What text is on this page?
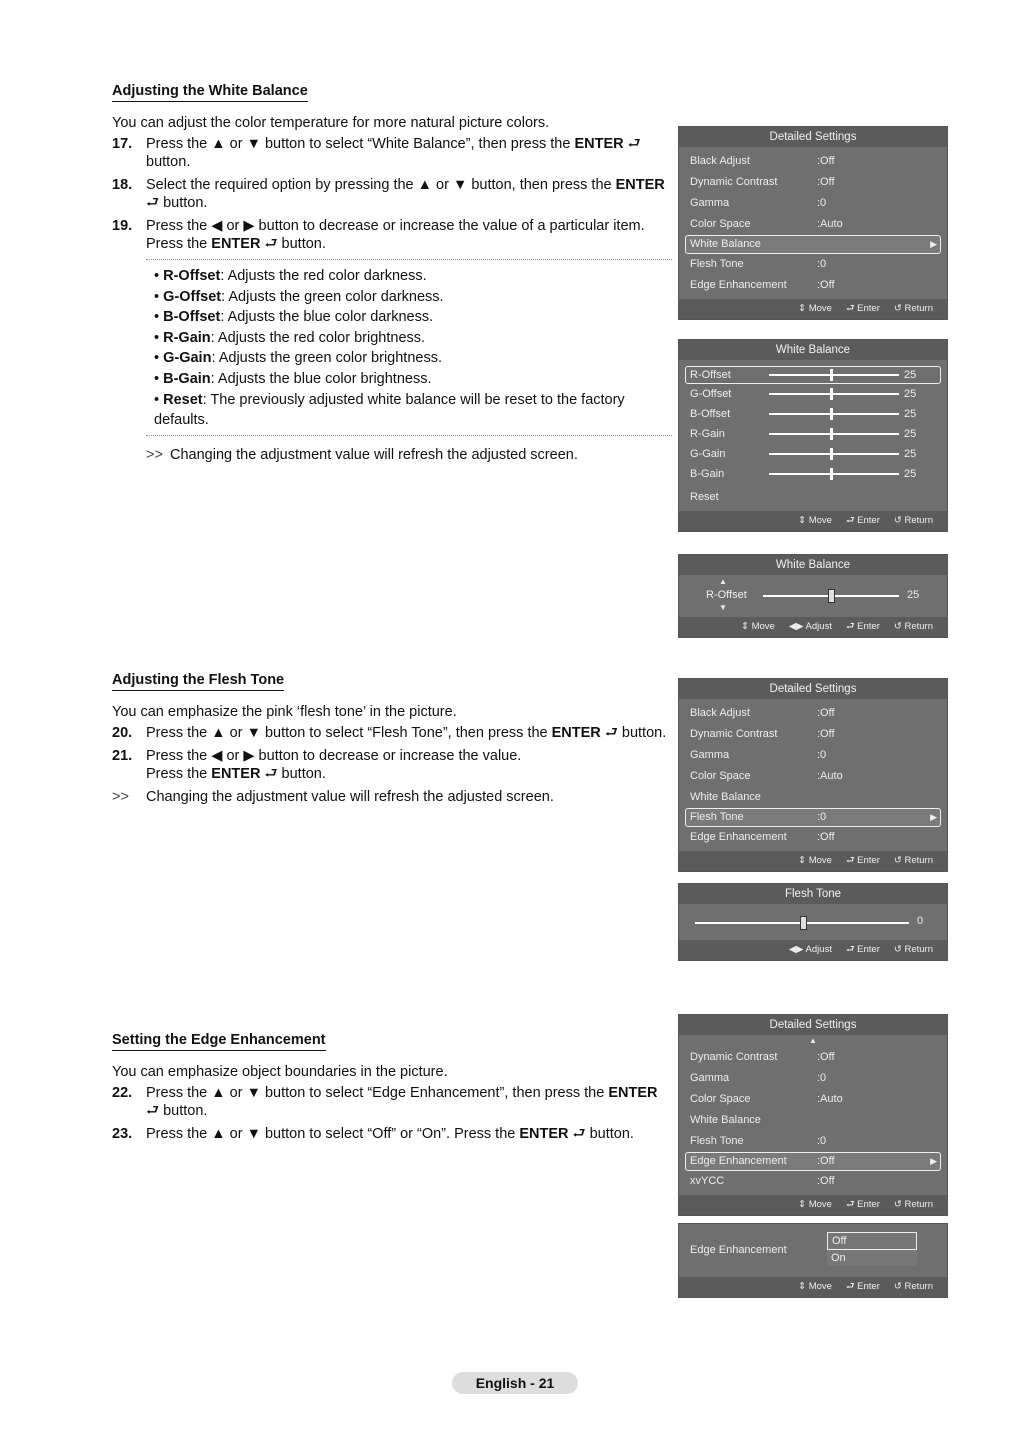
Adjusting the White Balance
You can adjust the color temperature for more natural picture colors.
17. Press the ▲ or ▼ button to select “White Balance”, then press the ENTER ⮐ button.
18. Select the required option by pressing the ▲ or ▼ button, then press the ENTER ⮐ button.
19. Press the ◀ or ▶ button to decrease or increase the value of a particular item. Press the ENTER ⮐ button.
• R-Offset: Adjusts the red color darkness.
• G-Offset: Adjusts the green color darkness.
• B-Offset: Adjusts the blue color darkness.
• R-Gain: Adjusts the red color brightness.
• G-Gain: Adjusts the green color brightness.
• B-Gain: Adjusts the blue color brightness.
• Reset: The previously adjusted white balance will be reset to the factory defaults.
>> Changing the adjustment value will refresh the adjusted screen.
Adjusting the Flesh Tone
You can emphasize the pink ‘flesh tone’ in the picture.
20. Press the ▲ or ▼ button to select “Flesh Tone”, then press the ENTER ⮐ button.
21. Press the ◀ or ▶ button to decrease or increase the value.
Press the ENTER ⮐ button.
>>	Changing the adjustment value will refresh the adjusted screen.
Setting the Edge Enhancement
You can emphasize object boundaries in the picture.
22. Press the ▲ or ▼ button to select “Edge Enhancement”, then press the ENTER ⮐ button.
23. Press the ▲ or ▼ button to select “Off” or “On”. Press the ENTER ⮐ button.
Detailed Settings
Black Adjust	:Off
Dynamic Contrast	:Off
Gamma	:0
Color Space	:Auto
White Balance
▶
Flesh Tone	:0
Edge Enhancement	:Off
⇕ Move ⮐ Enter ↺ Return
White Balance
R-Offset	25
G-Offset	25
B-Offset	25
R-Gain	25
G-Gain	25
B-Gain	25
Reset
⇕ Move ⮐ Enter ↺ Return
White Balance
▲
R-Offset
▼
25
⇕ Move ◀▶ Adjust ⮐ Enter ↺ Return
Detailed Settings
Black Adjust	:Off
Dynamic Contrast	:Off
Gamma	:0
Color Space	:Auto
White Balance
Flesh Tone	:0
▶
Edge Enhancement	:Off
⇕ Move ⮐ Enter ↺ Return
Flesh Tone
0
◀▶ Adjust ⮐ Enter ↺ Return
Detailed Settings
▲
Dynamic Contrast	:Off
Gamma	:0
Color Space	:Auto
White Balance
Flesh Tone	:0
Edge Enhancement	:Off
▶
xvYCC	:Off
⇕ Move ⮐ Enter ↺ Return
Edge Enhancement
Off
On
⇕ Move ⮐ Enter ↺ Return
English - 21
